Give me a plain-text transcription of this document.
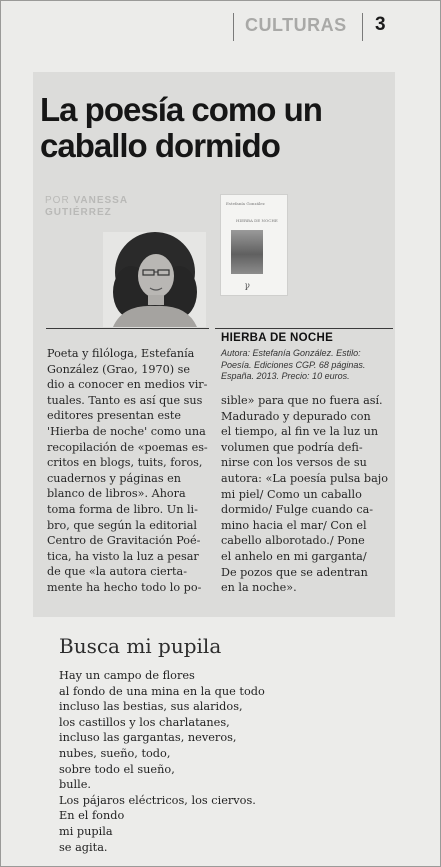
CULTURAS 3
La poesía como un
caballo dormido
POR VANESSA
GUTIÉRREZ
Estefanía González
HIERBA DE NOCHE
ꝩ
HIERBA DE NOCHE
Autora: Estefanía González. Estilo:
Poesía. Ediciones CGP. 68 páginas.
España. 2013. Precio: 10 euros.
Poeta y filóloga, Estefanía
González (Grao, 1970) se
dio a conocer en medios vir-
tuales. Tanto es así que sus
editores presentan este
'Hierba de noche' como una
recopilación de «poemas es-
critos en blogs, tuits, foros,
cuadernos y páginas en
blanco de libros». Ahora
toma forma de libro. Un li-
bro, que según la editorial
Centro de Gravitación Poé-
tica, ha visto la luz a pesar
de que «la autora cierta-
mente ha hecho todo lo po-
sible» para que no fuera así.
Madurado y depurado con
el tiempo, al fin ve la luz un
volumen que podría defi-
nirse con los versos de su
autora: «La poesía pulsa bajo
mi piel/ Como un caballo
dormido/ Fulge cuando ca-
mino hacia el mar/ Con el
cabello alborotado./ Pone
el anhelo en mi garganta/
De pozos que se adentran
en la noche».
Busca mi pupila
Hay un campo de flores
al fondo de una mina en la que todo
incluso las bestias, sus alaridos,
los castillos y los charlatanes,
incluso las gargantas, neveros,
nubes, sueño, todo,
sobre todo el sueño,
bulle.
Los pájaros eléctricos, los ciervos.
En el fondo
mi pupila
se agita.
